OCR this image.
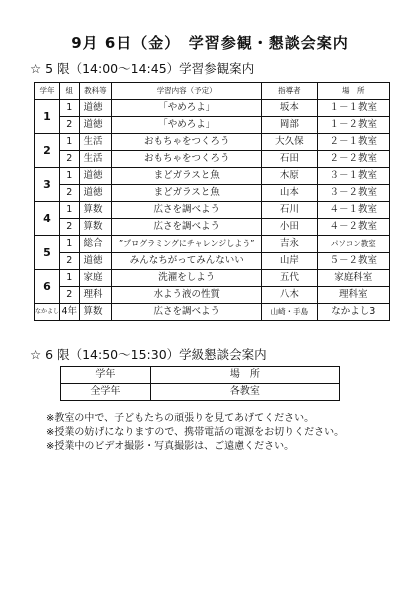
9月 6日（金）　学習参観・懇談会案内
☆ 5 限（14:00～14:45）学習参観案内
学年	組	教科等	学習内容（予定）	指導者	場　所
1	1	道徳	「やめろよ」	坂本	１－１教室
	2	道徳	「やめろよ」	岡部	１－２教室
2	1	生活	おもちゃをつくろう	大久保	２－１教室
	2	生活	おもちゃをつくろう	石田	２－２教室
3	1	道徳	まどガラスと魚	木原	３－１教室
	2	道徳	まどガラスと魚	山本	３－２教室
4	1	算数	広さを調べよう	石川	４－１教室
	2	算数	広さを調べよう	小田	４－２教室
5	1	総合	”プログラミングにチャレンジしよう”	吉永	パソコン教室
	2	道徳	みんなちがってみんないい	山岸	５－２教室
6	1	家庭	洗濯をしよう	五代	家庭科室
	2	理科	水よう液の性質	八木	理科室
なかよし	4年	算数	広さを調べよう	山崎・手島	なかよし3
☆ 6 限（14:50～15:30）学級懇談会案内
学年	場　所
全学年	各教室
※教室の中で、子どもたちの頑張りを見てあげてください。
※授業の妨げになりますので、携帯電話の電源をお切りください。
※授業中のビデオ撮影・写真撮影は、ご遠慮ください。
